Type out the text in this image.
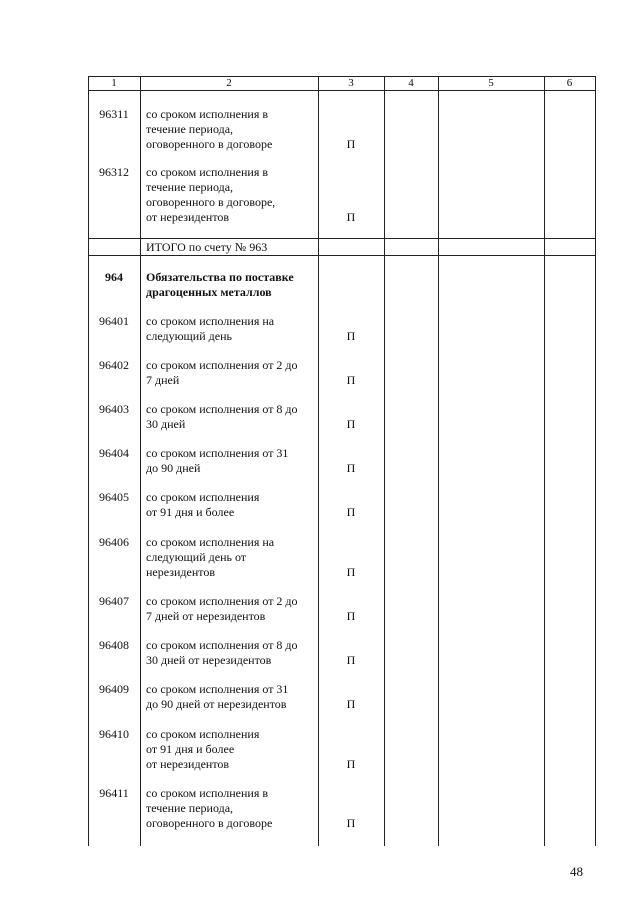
1	2	3	4	5	6
96311	со сроком исполнения в
течение периода,
оговоренного в договоре	П
96312	со сроком исполнения в
течение периода,
оговоренного в договоре,
от нерезидентов	П
ИТОГО по счету № 963
964	Обязательства по поставке
драгоценных металлов
96401	со сроком исполнения на
следующий день	П
96402	со сроком исполнения от 2 до
7 дней	П
96403	со сроком исполнения от 8 до
30 дней	П
96404	со сроком исполнения от 31
до 90 дней	П
96405	со сроком исполнения
от 91 дня и более	П
96406	со сроком исполнения на
следующий день от
нерезидентов	П
96407	со сроком исполнения от 2 до
7 дней от нерезидентов	П
96408	со сроком исполнения от 8 до
30 дней от нерезидентов	П
96409	со сроком исполнения от 31
до 90 дней от нерезидентов	П
96410	со сроком исполнения
от 91 дня и более
от нерезидентов	П
96411	со сроком исполнения в
течение периода,
оговоренного в договоре	П
48
